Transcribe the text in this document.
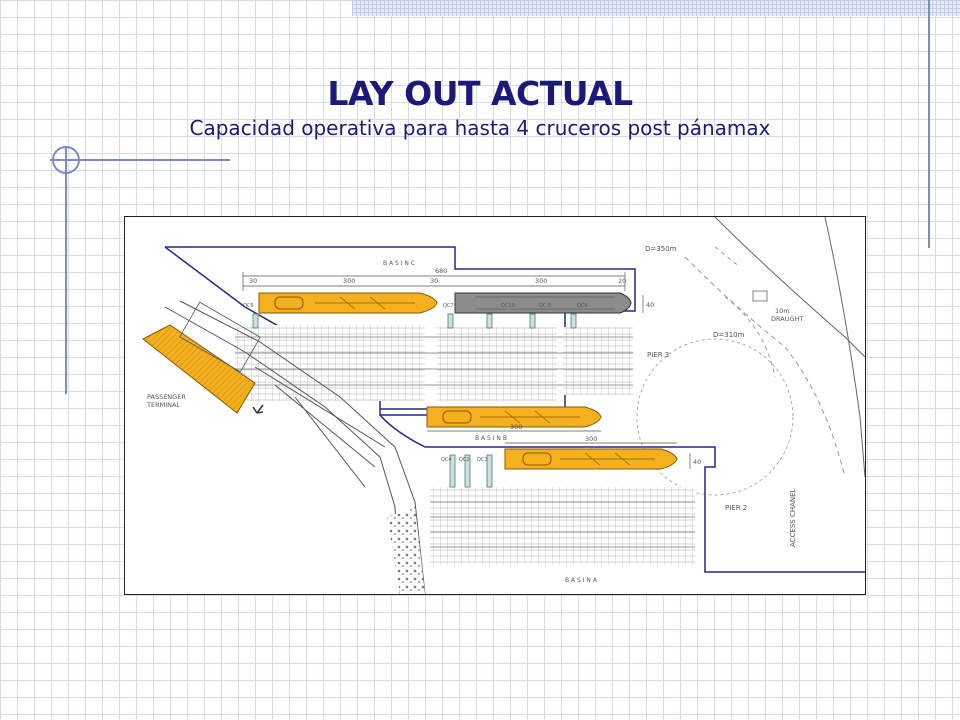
LAY OUT ACTUAL
Capacidad operativa para hasta 4 cruceros post pánamax
PASSENGER
TERMINAL
680
30	300	30	300	20
B A S I N C
B A S I N A
B A S I N B
300
300
40
40
QC6	QC7	QC10	QC 8	QC9
QC4 QC2 QC3
PIER 3
PIER 2
D=350m
D=310m
10m
DRAUGHT
ACCESS CHANEL
